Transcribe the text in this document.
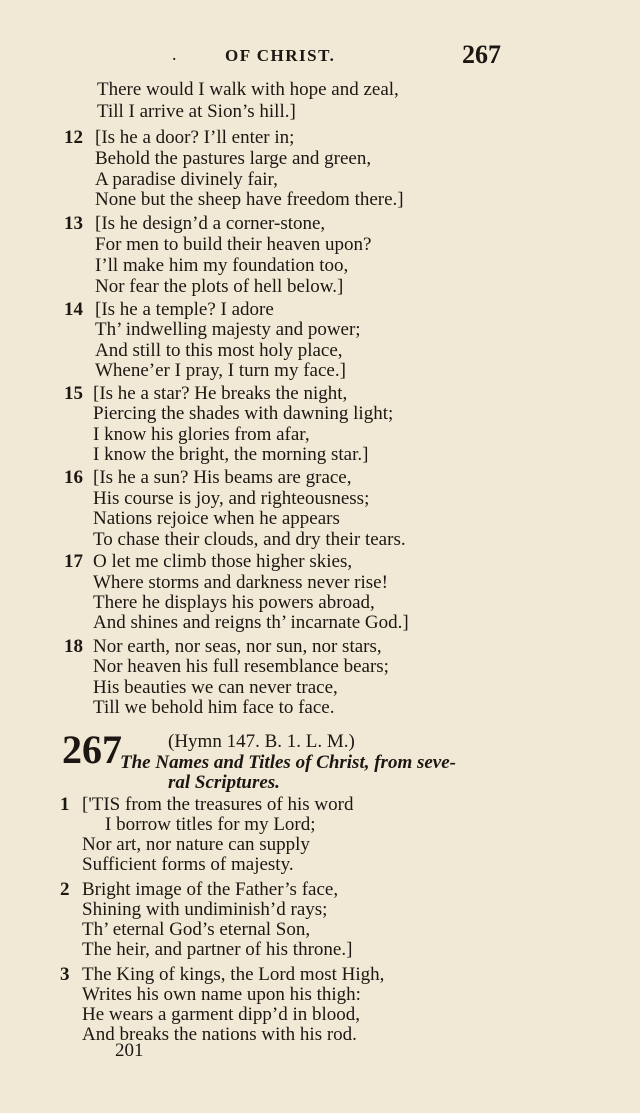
.	OF CHRIST.	267
There would I walk with hope and zeal,
Till I arrive at Sion’s hill.]
12 [Is he a door? I’ll enter in;
Behold the pastures large and green,
A paradise divinely fair,
None but the sheep have freedom there.]
13 [Is he design’d a corner-stone,
For men to build their heaven upon?
I’ll make him my foundation too,
Nor fear the plots of hell below.]
14 [Is he a temple? I adore
Th’ indwelling majesty and power;
And still to this most holy place,
Whene’er I pray, I turn my face.]
15 [Is he a star? He breaks the night,
Piercing the shades with dawning light;
I know his glories from afar,
I know the bright, the morning star.]
16 [Is he a sun? His beams are grace,
His course is joy, and righteousness;
Nations rejoice when he appears
To chase their clouds, and dry their tears.
17 O let me climb those higher skies,
Where storms and darkness never rise!
There he displays his powers abroad,
And shines and reigns th’ incarnate God.]
18 Nor earth, nor seas, nor sun, nor stars,
Nor heaven his full resemblance bears;
His beauties we can never trace,
Till we behold him face to face.
267 (Hymn 147. B. 1. L. M.)
The Names and Titles of Christ, from seve-
ral Scriptures.
1 ['TIS from the treasures of his word
I borrow titles for my Lord;
Nor art, nor nature can supply
Sufficient forms of majesty.
2 Bright image of the Father’s face,
Shining with undiminish’d rays;
Th’ eternal God’s eternal Son,
The heir, and partner of his throne.]
3 The King of kings, the Lord most High,
Writes his own name upon his thigh:
He wears a garment dipp’d in blood,
And breaks the nations with his rod.
201
